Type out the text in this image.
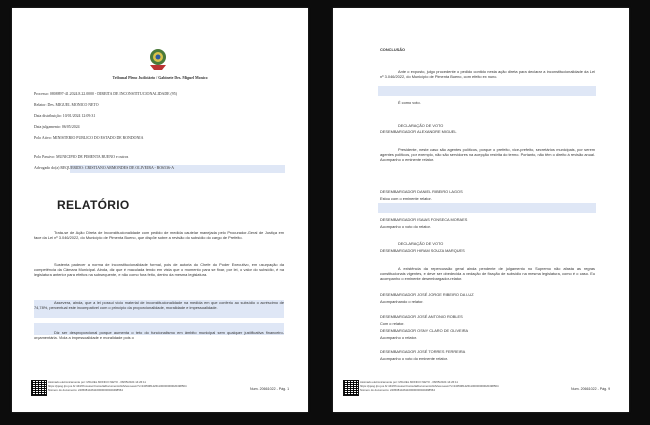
Tribunal Pleno Judiciário / Gabinete Des. Miguel Monico
Processo: 0808897-41.2024.8.22.0000 - DIREITA DE INCONSTITUCIONALIDADE (95)
Relator: Des. MIGUEL MONICO NETO
Data distribuição: 10/01/2024 12:09:31
Data julgamento: 06/05/2024
Polo Ativo: MINISTERIO PUBLICO DO ESTADO DE RONDONIA
Polo Passivo: MUNICIPIO DE PIMENTA BUENO e outros
Advogado do(a) REQUERIDO: CRISTIANO ARMONDES DE OLIVEIRA - RO6536-A
RELATÓRIO
Trata-se de Ação Direta de Inconstitucionalidade com pedido de medida cautelar manejada pelo Procurador-Geral de Justiça em face da Lei nº 3.046/2022, do Município de Pimenta Bueno, que dispõe sobre a revisão do subsídio do cargo de Prefeito.
Sustenta padecer a norma de inconstitucionalidade formal, pois de autoria do Chefe do Poder Executivo, em usurpação da competência da Câmara Municipal. Ainda, diz que é maculada tendo em vista que o momento para se fixar, por lei, o valor do subsídio, é na legislatura anterior para efeitos na subsequente, e não como fora feito, dentro da mesma legislatura.
Assevera, ainda, que a lei possui vício material de inconstitucionalidade na medida em que conferiu ao subsídio o acréscimo de 74,78%, percentual este incompatível com o princípio da proporcionalidade, moralidade e impessoalidade.
Diz ser desproporcional porque aumenta o teto do funcionalismo em âmbito municipal sem qualquer justificativa financeiro-orçamentária. Viola a impessoalidade e moralidade pois o
Assinado eletronicamente por: MIGUEL MONICO NETO - 08/05/2024 14:26:11
https://pjesg.tjro.jus.br:443/Processo/ConsultaDocumento/listView.seam?x=24050814261100000000020498564
Número do documento: 24050814261100000000020498564	Num. 20661022 - Pág. 1
CONCLUSÃO
Ante o exposto, julgo procedente o pedido contido nesta ação direta para declarar a inconstitucionalidade da Lei nº 3.046/2022, do Município de Pimenta Bueno, com efeito ex nunc.
É como voto.
DECLARAÇÃO DE VOTO
DESEMBARGADOR ALEXANDRE MIGUEL
Presidente, neste caso são agentes políticos, porque o prefeito, vice-prefeito, secretários municipais, por serem agentes políticos, por exemplo, não são servidores na acepção restrita do termo. Portanto, não têm o direito à revisão anual. Acompanho o eminente relator.
DESEMBARGADOR DANIEL RIBEIRO LAGOS
Estou com o eminente relator.
DESEMBARGADOR ISAIAS FONSECA MORAES
Acompanho o voto do relator.
DECLARAÇÃO DE VOTO
DESEMBARGADOR HIRAM SOUZA MARQUES
A existência da repercussão geral ainda pendente de julgamento no Supremo não afasta as regras constitucionais vigentes, e deve ser obedecida a vedação de fixação de subsídio na mesma legislatura, como é o caso. Eu acompanho o eminente desembargador-relator.
DESEMBARGADOR JOSÉ JORGE RIBEIRO DA LUZ
Acompanhando o relator.
DESEMBARGADOR JOSÉ ANTONIO ROBLES
Com o relator.
DESEMBARGADOR OSNY CLARO DE OLIVEIRA
Acompanho o relator.
DESEMBARGADOR JOSÉ TORRES FERREIRA
Acompanho o voto do eminente relator.
Assinado eletronicamente por: MIGUEL MONICO NETO - 08/05/2024 14:26:11
https://pjesg.tjro.jus.br:443/Processo/ConsultaDocumento/listView.seam?x=24050814261100000000020498564
Número do documento: 24050814261100000000020498564	Num. 20661022 - Pág. 9
